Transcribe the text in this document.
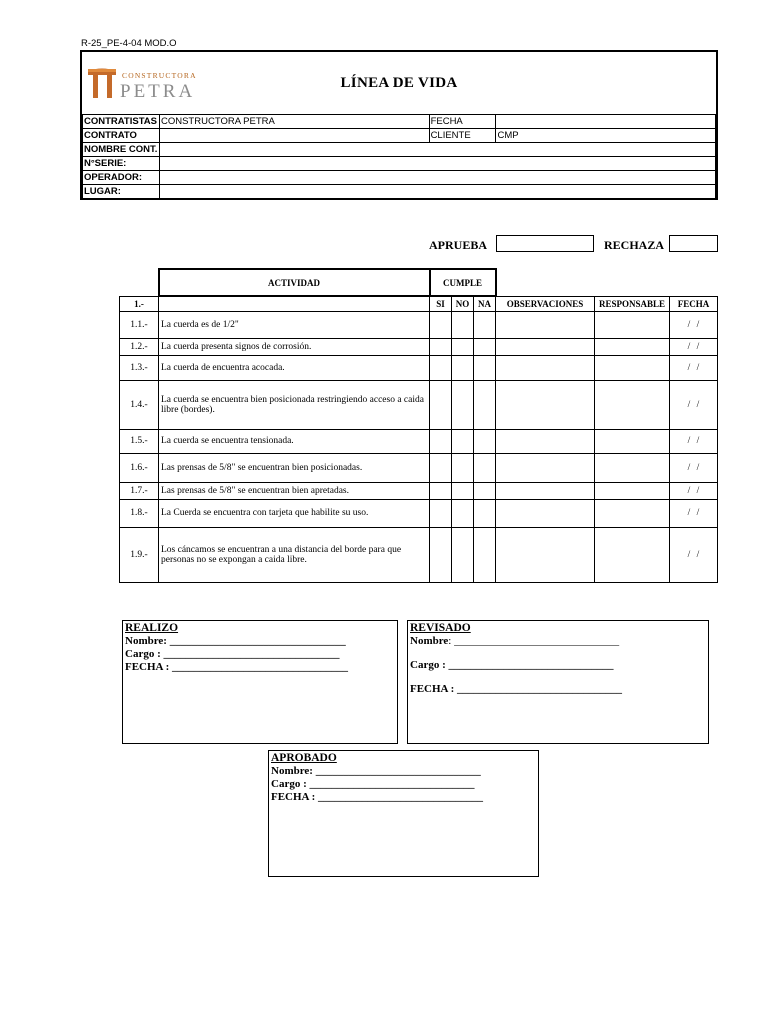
R-25_PE-4-04 MOD.O
CONSTRUCTORA
PETRA	LÍNEA DE VIDA
CONTRATISTAS	CONSTRUCTORA PETRA	FECHA	
CONTRATO		CLIENTE	CMP
NOMBRE CONT.			
N°SERIE:			
OPERADOR:			
LUGAR:			
APRUEBA	RECHAZA
	ACTIVIDAD	CUMPLE					
1.-		SI	NO	NA	OBSERVACIONES	RESPONSABLE	FECHA
1.1.-	La cuerda es de 1/2"						/ /
1.2.-	La cuerda presenta signos de corrosión.						/ /
1.3.-	La cuerda de encuentra acocada.						/ /
1.4.-	La cuerda se encuentra bien posicionada restringiendo acceso a caida libre (bordes).						/ /
1.5.-	La cuerda se encuentra tensionada.						/ /
1.6.-	Las prensas de 5/8" se encuentran bien posicionadas.						/ /
1.7.-	Las prensas de 5/8" se encuentran bien apretadas.						/ /
1.8.-	La Cuerda se encuentra con tarjeta que habilite su uso.						/ /
1.9.-	Los cáncamos se encuentran a una distancia del borde para que personas no se expongan a caida libre.						/ /
REALIZO
Nombre: ________________________________
Cargo : ________________________________
FECHA : ________________________________
REVISADO
Nombre: ______________________________
Cargo : ______________________________
FECHA : ______________________________
APROBADO
Nombre: ______________________________
Cargo : ______________________________
FECHA : ______________________________
